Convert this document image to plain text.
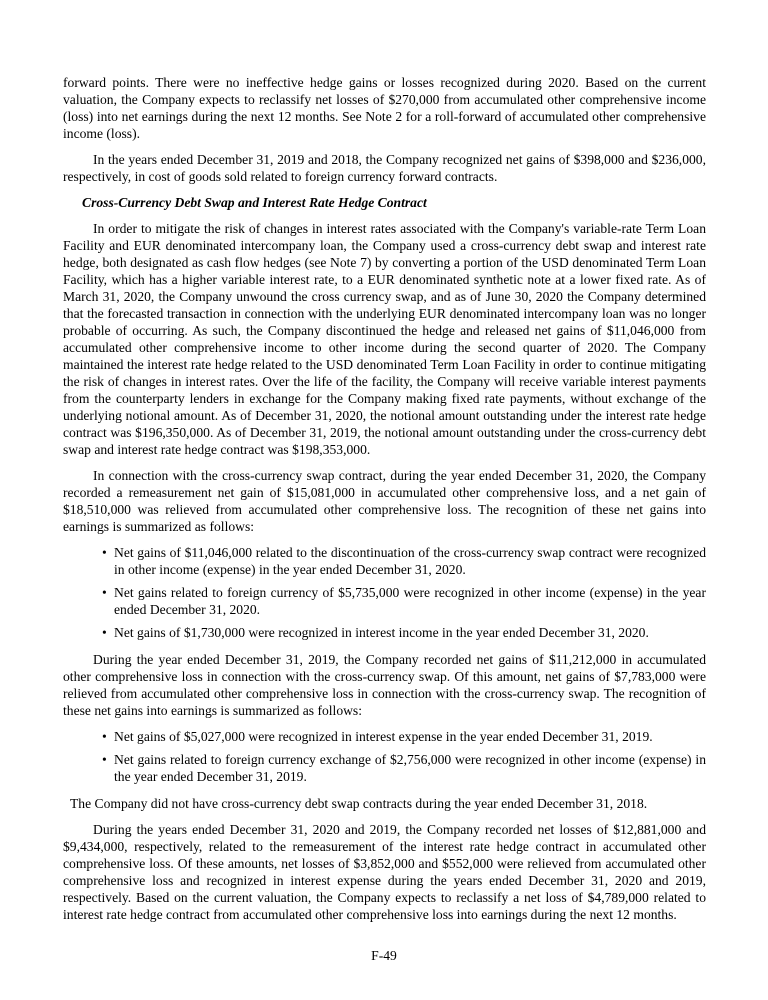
forward points. There were no ineffective hedge gains or losses recognized during 2020. Based on the current valuation, the Company expects to reclassify net losses of $270,000 from accumulated other comprehensive income (loss) into net earnings during the next 12 months. See Note 2 for a roll-forward of accumulated other comprehensive income (loss).

In the years ended December 31, 2019 and 2018, the Company recognized net gains of $398,000 and $236,000, respectively, in cost of goods sold related to foreign currency forward contracts.

Cross-Currency Debt Swap and Interest Rate Hedge Contract

In order to mitigate the risk of changes in interest rates associated with the Company's variable-rate Term Loan Facility and EUR denominated intercompany loan, the Company used a cross-currency debt swap and interest rate hedge, both designated as cash flow hedges (see Note 7) by converting a portion of the USD denominated Term Loan Facility, which has a higher variable interest rate, to a EUR denominated synthetic note at a lower fixed rate. As of March 31, 2020, the Company unwound the cross currency swap, and as of June 30, 2020 the Company determined that the forecasted transaction in connection with the underlying EUR denominated intercompany loan was no longer probable of occurring. As such, the Company discontinued the hedge and released net gains of $11,046,000 from accumulated other comprehensive income to other income during the second quarter of 2020. The Company maintained the interest rate hedge related to the USD denominated Term Loan Facility in order to continue mitigating the risk of changes in interest rates. Over the life of the facility, the Company will receive variable interest payments from the counterparty lenders in exchange for the Company making fixed rate payments, without exchange of the underlying notional amount. As of December 31, 2020, the notional amount outstanding under the interest rate hedge contract was $196,350,000. As of December 31, 2019, the notional amount outstanding under the cross-currency debt swap and interest rate hedge contract was $198,353,000.

In connection with the cross-currency swap contract, during the year ended December 31, 2020, the Company recorded a remeasurement net gain of $15,081,000 in accumulated other comprehensive loss, and a net gain of $18,510,000 was relieved from accumulated other comprehensive loss. The recognition of these net gains into earnings is summarized as follows:

• Net gains of $11,046,000 related to the discontinuation of the cross-currency swap contract were recognized in other income (expense) in the year ended December 31, 2020.
• Net gains related to foreign currency of $5,735,000 were recognized in other income (expense) in the year ended December 31, 2020.
• Net gains of $1,730,000 were recognized in interest income in the year ended December 31, 2020.

During the year ended December 31, 2019, the Company recorded net gains of $11,212,000 in accumulated other comprehensive loss in connection with the cross-currency swap. Of this amount, net gains of $7,783,000 were relieved from accumulated other comprehensive loss in connection with the cross-currency swap. The recognition of these net gains into earnings is summarized as follows:

• Net gains of $5,027,000 were recognized in interest expense in the year ended December 31, 2019.
• Net gains related to foreign currency exchange of $2,756,000 were recognized in other income (expense) in the year ended December 31, 2019.

The Company did not have cross-currency debt swap contracts during the year ended December 31, 2018.

During the years ended December 31, 2020 and 2019, the Company recorded net losses of $12,881,000 and $9,434,000, respectively, related to the remeasurement of the interest rate hedge contract in accumulated other comprehensive loss. Of these amounts, net losses of $3,852,000 and $552,000 were relieved from accumulated other comprehensive loss and recognized in interest expense during the years ended December 31, 2020 and 2019, respectively. Based on the current valuation, the Company expects to reclassify a net loss of $4,789,000 related to interest rate hedge contract from accumulated other comprehensive loss into earnings during the next 12 months.

F-49
